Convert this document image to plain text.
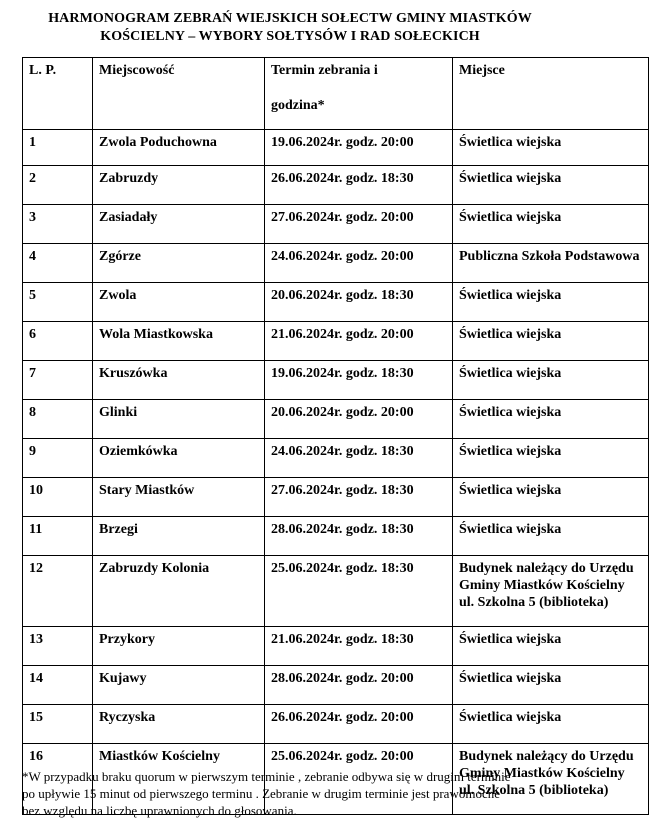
HARMONOGRAM ZEBRAŃ WIEJSKICH SOŁECTW GMINY MIASTKÓW
KOŚCIELNY – WYBORY SOŁTYSÓW I RAD SOŁECKICH
L. P.	Miejscowość	Termin zebrania i
godzina*	Miejsce
1	Zwola Poduchowna	19.06.2024r. godz. 20:00	Świetlica wiejska
2	Zabruzdy	26.06.2024r. godz. 18:30	Świetlica wiejska
3	Zasiadały	27.06.2024r. godz. 20:00	Świetlica wiejska
4	Zgórze	24.06.2024r. godz. 20:00	Publiczna Szkoła Podstawowa
5	Zwola	20.06.2024r. godz. 18:30	Świetlica wiejska
6	Wola Miastkowska	21.06.2024r. godz. 20:00	Świetlica wiejska
7	Kruszówka	19.06.2024r. godz. 18:30	Świetlica wiejska
8	Glinki	20.06.2024r. godz. 20:00	Świetlica wiejska
9	Oziemkówka	24.06.2024r. godz. 18:30	Świetlica wiejska
10	Stary Miastków	27.06.2024r. godz. 18:30	Świetlica wiejska
11	Brzegi	28.06.2024r. godz. 18:30	Świetlica wiejska
12	Zabruzdy Kolonia	25.06.2024r. godz. 18:30	Budynek należący do Urzędu Gminy Miastków Kościelny ul. Szkolna 5 (biblioteka)
13	Przykory	21.06.2024r. godz. 18:30	Świetlica wiejska
14	Kujawy	28.06.2024r. godz. 20:00	Świetlica wiejska
15	Ryczyska	26.06.2024r. godz. 20:00	Świetlica wiejska
16	Miastków Kościelny	25.06.2024r. godz. 20:00	Budynek należący do Urzędu Gminy Miastków Kościelny ul. Szkolna 5 (biblioteka)
*W przypadku braku quorum w pierwszym terminie , zebranie odbywa się w drugim terminie
po upływie 15 minut od pierwszego terminu . Zebranie w drugim terminie jest prawomocne
bez względu na liczbę uprawnionych do głosowania.
